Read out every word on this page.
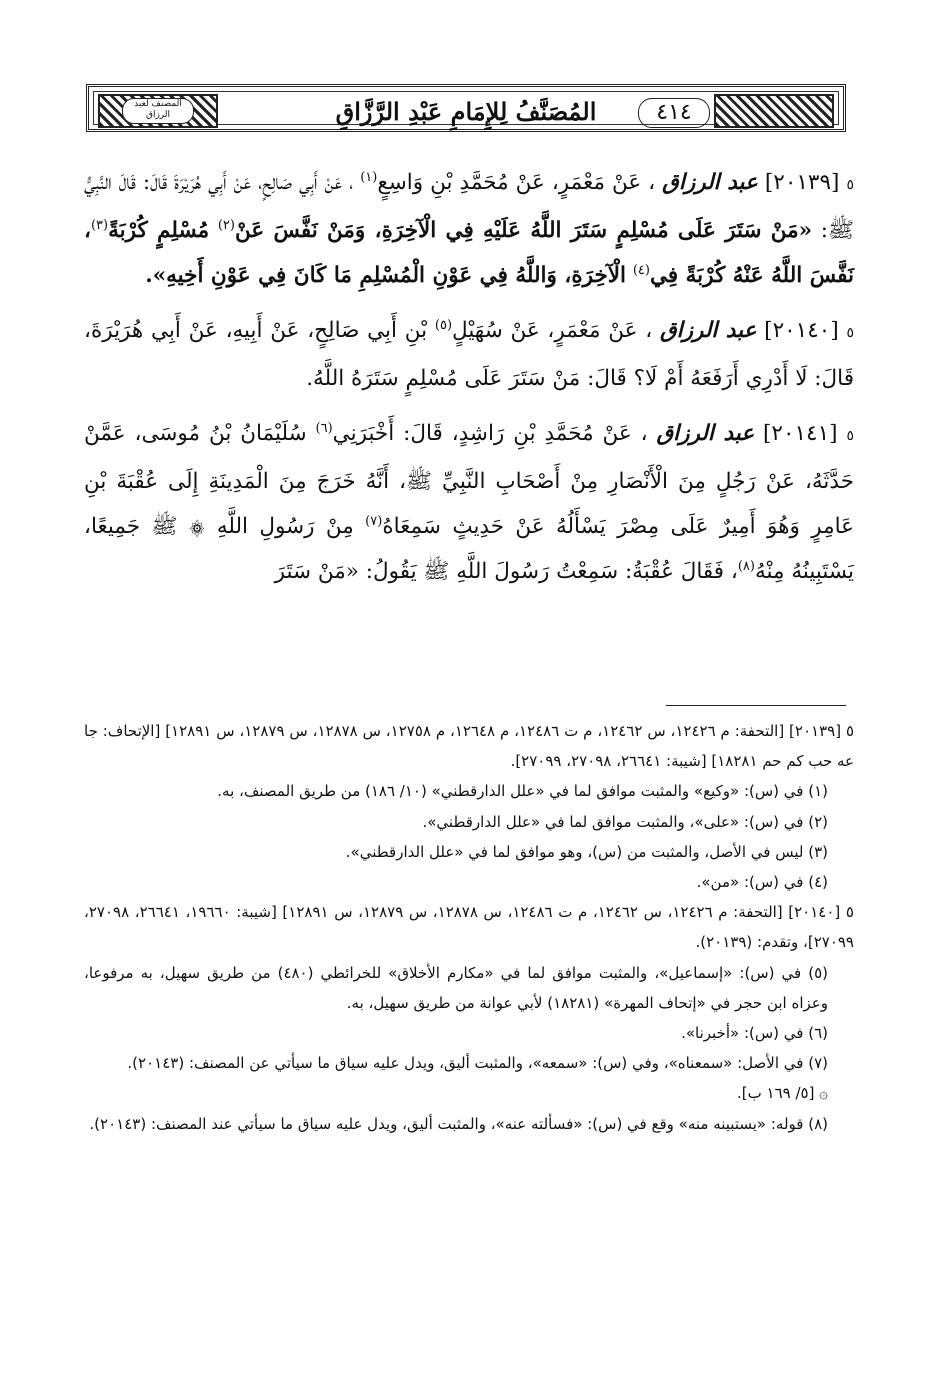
المصنف لعبد الرزاق	المُصَنَّفُ لِلإِمَامِ عَبْدِ الرَّزَّاقِ	٤١٤

٥ [٢٠١٣٩] عبد الرزاق ، عَنْ مَعْمَرٍ، عَنْ مُحَمَّدِ بْنِ وَاسِعٍ$^{(١)}$ ، عَنْ أَبِي صَالِحٍ، عَنْ أَبِي هُرَيْرَةَ قَالَ: قَالَ النَّبِيُّ ﷺ: «مَنْ سَتَرَ عَلَى مُسْلِمٍ سَتَرَ اللَّهُ عَلَيْهِ فِي الْآخِرَةِ، وَمَنْ نَفَّسَ عَنْ$^{(٢)}$ مُسْلِمٍ كُرْبَةً$^{(٣)}$، نَفَّسَ اللَّهُ عَنْهُ كُرْبَةً فِي$^{(٤)}$ الْآخِرَةِ، وَاللَّهُ فِي عَوْنِ الْمُسْلِمِ مَا كَانَ فِي عَوْنِ أَخِيهِ».

٥ [٢٠١٤٠] عبد الرزاق ، عَنْ مَعْمَرٍ، عَنْ سُهَيْلٍ$^{(٥)}$ بْنِ أَبِي صَالِحٍ، عَنْ أَبِيهِ، عَنْ أَبِي هُرَيْرَةَ، قَالَ: لَا أَدْرِي أَرَفَعَهُ أَمْ لَا؟ قَالَ: مَنْ سَتَرَ عَلَى مُسْلِمٍ سَتَرَهُ اللَّهُ.

٥ [٢٠١٤١] عبد الرزاق ، عَنْ مُحَمَّدِ بْنِ رَاشِدٍ، قَالَ: أَخْبَرَنِي$^{(٦)}$ سُلَيْمَانُ بْنُ مُوسَى، عَمَّنْ حَدَّثَهُ، عَنْ رَجُلٍ مِنَ الْأَنْصَارِ مِنْ أَصْحَابِ النَّبِيِّ ﷺ، أَنَّهُ خَرَجَ مِنَ الْمَدِينَةِ إِلَى عُقْبَةَ بْنِ عَامِرٍ وَهُوَ أَمِيرٌ عَلَى مِصْرَ يَسْأَلُهُ عَنْ حَدِيثٍ سَمِعَاهُ$^{(٧)}$ مِنْ رَسُولِ اللَّهِ ۞ ﷺ جَمِيعًا، يَسْتَبِينُهُ مِنْهُ$^{(٨)}$، فَقَالَ عُقْبَةُ: سَمِعْتُ رَسُولَ اللَّهِ ﷺ يَقُولُ: «مَنْ سَتَرَ

٥ [٢٠١٣٩] [التحفة: م ١٢٤٢٦، س ١٢٤٦٢، م ت ١٢٤٨٦، م ١٢٦٤٨، م ١٢٧٥٨، س ١٢٨٧٨، س ١٢٨٧٩، س ١٢٨٩١] [الإتحاف: جا عه حب كم حم ١٨٢٨١] [شيبة: ٢٦٦٤١، ٢٧٠٩٨، ٢٧٠٩٩].

(١) في (س): «وكيع» والمثبت موافق لما في «علل الدارقطني» (١٠/ ١٨٦) من طريق المصنف، به.

(٢) في (س): «على»، والمثبت موافق لما في «علل الدارقطني».

(٣) ليس في الأصل، والمثبت من (س)، وهو موافق لما في «علل الدارقطني».

(٤) في (س): «من».

٥ [٢٠١٤٠] [التحفة: م ١٢٤٢٦، س ١٢٤٦٢، م ت ١٢٤٨٦، س ١٢٨٧٨، س ١٢٨٧٩، س ١٢٨٩١] [شيبة: ١٩٦٦٠، ٢٦٦٤١، ٢٧٠٩٨، ٢٧٠٩٩]، وتقدم: (٢٠١٣٩).

(٥) في (س): «إسماعيل»، والمثبت موافق لما في «مكارم الأخلاق» للخرائطي (٤٨٠) من طريق سهيل، به مرفوعا، وعزاه ابن حجر في «إتحاف المهرة» (١٨٢٨١) لأبي عوانة من طريق سهيل، به.

(٦) في (س): «أخبرنا».

(٧) في الأصل: «سمعناه»، وفي (س): «سمعه»، والمثبت أليق، ويدل عليه سياق ما سيأتي عن المصنف: (٢٠١٤٣).

۞ [٥/ ١٦٩ ب].

(٨) قوله: «يستبينه منه» وقع في (س): «فسألته عنه»، والمثبت أليق، ويدل عليه سياق ما سيأتي عند المصنف: (٢٠١٤٣).
